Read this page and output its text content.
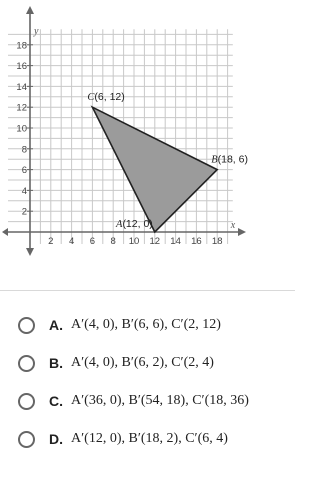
y
x
2 4 6 8 10 12 14 16 18
2
4
6
8
10
12
14
16
18
C(6, 12)
B(18, 6)
A(12, 0)
A. A′(4, 0), B′(6, 6), C′(2, 12)
B. A′(4, 0), B′(6, 2), C′(2, 4)
C. A′(36, 0), B′(54, 18), C′(18, 36)
D. A′(12, 0), B′(18, 2), C′(6, 4)
